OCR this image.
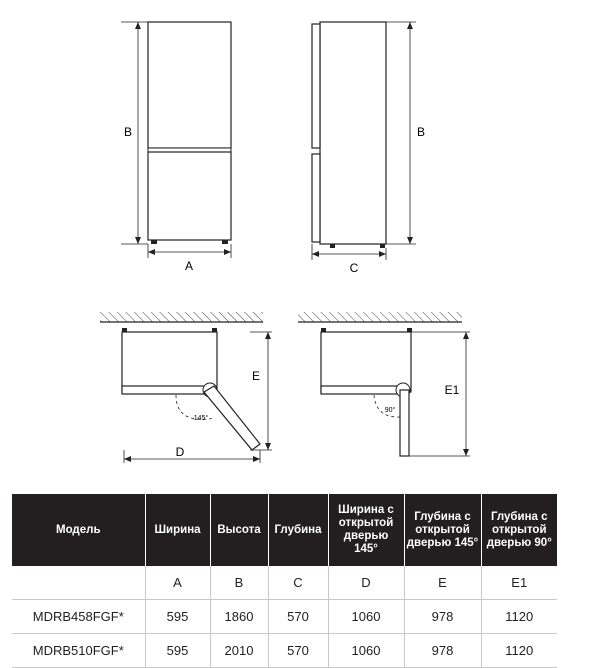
B
A
B
C
145°
E
D
90°
E1
Модель	Ширина	Высота	Глубина	Ширина с открытой дверью 145°	Глубина с открытой дверью 145°	Глубина с открытой дверью 90°
	A	B	C	D	E	E1
MDRB458FGF*	595	1860	570	1060	978	1120
MDRB510FGF*	595	2010	570	1060	978	1120
